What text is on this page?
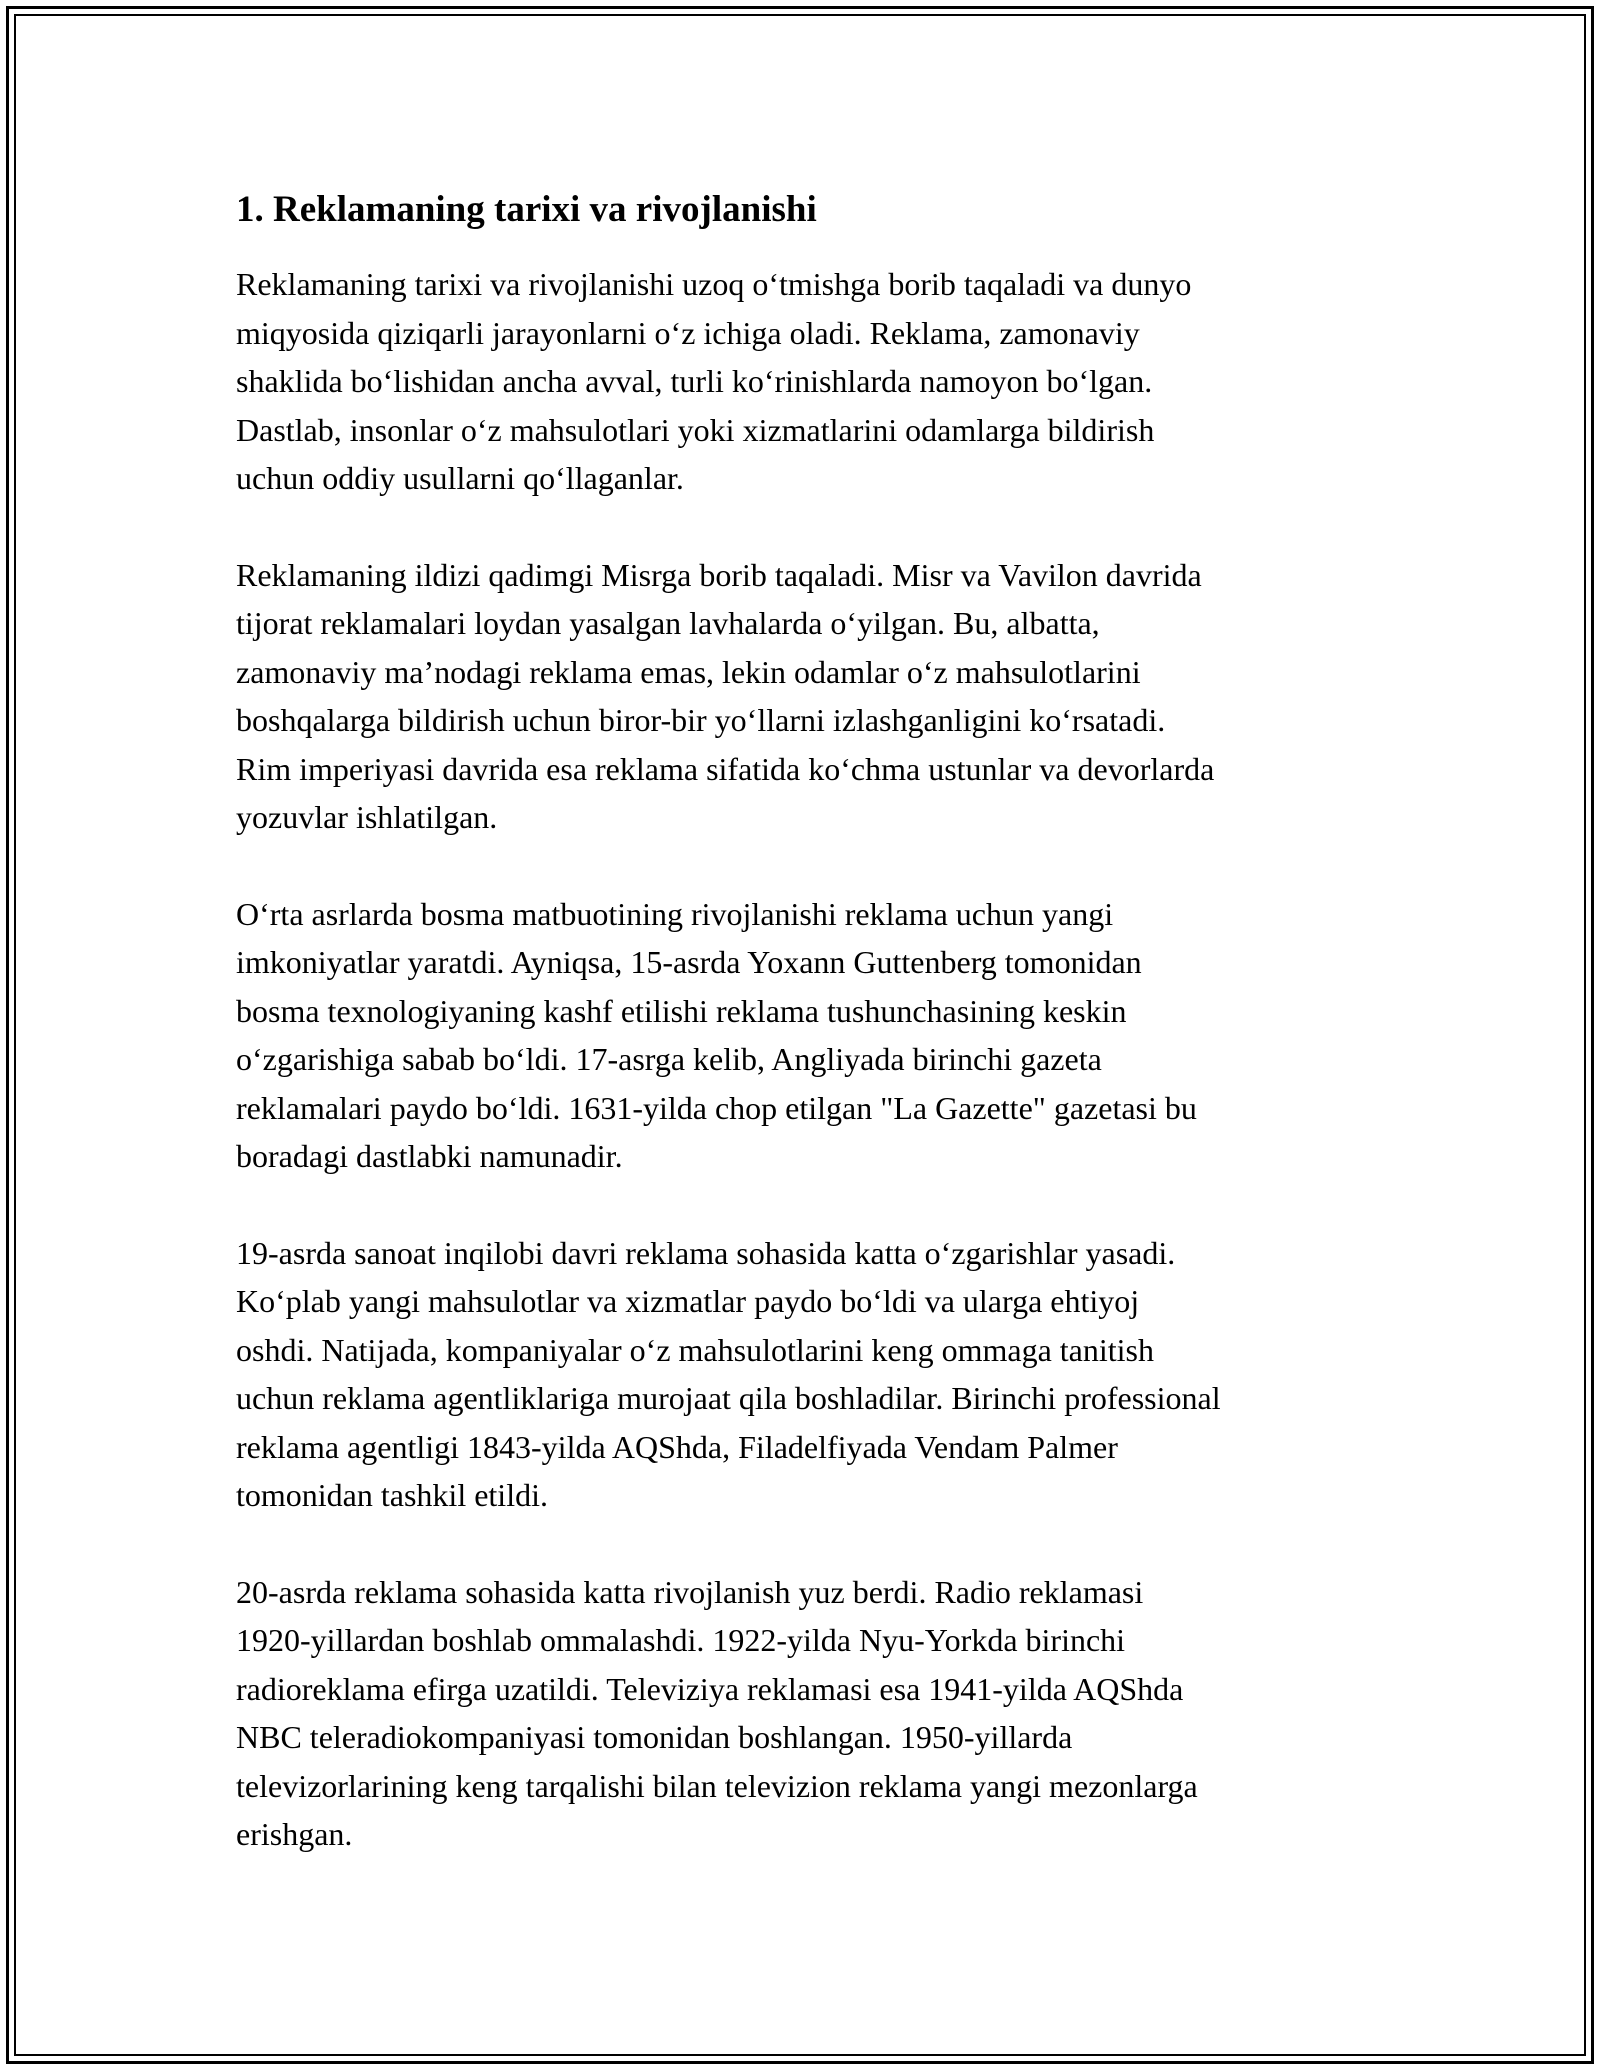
1. Reklamaning tarixi va rivojlanishi

Reklamaning tarixi va rivojlanishi uzoq oʻtmishga borib taqaladi va dunyo
miqyosida qiziqarli jarayonlarni oʻz ichiga oladi. Reklama, zamonaviy
shaklida boʻlishidan ancha avval, turli koʻrinishlarda namoyon boʻlgan.
Dastlab, insonlar oʻz mahsulotlari yoki xizmatlarini odamlarga bildirish
uchun oddiy usullarni qoʻllaganlar.

Reklamaning ildizi qadimgi Misrga borib taqaladi. Misr va Vavilon davrida
tijorat reklamalari loydan yasalgan lavhalarda oʻyilgan. Bu, albatta,
zamonaviy ma’nodagi reklama emas, lekin odamlar oʻz mahsulotlarini
boshqalarga bildirish uchun biror-bir yoʻllarni izlashganligini koʻrsatadi.
Rim imperiyasi davrida esa reklama sifatida koʻchma ustunlar va devorlarda
yozuvlar ishlatilgan.

Oʻrta asrlarda bosma matbuotining rivojlanishi reklama uchun yangi
imkoniyatlar yaratdi. Ayniqsa, 15-asrda Yoxann Guttenberg tomonidan
bosma texnologiyaning kashf etilishi reklama tushunchasining keskin
oʻzgarishiga sabab boʻldi. 17-asrga kelib, Angliyada birinchi gazeta
reklamalari paydo boʻldi. 1631-yilda chop etilgan "La Gazette" gazetasi bu
boradagi dastlabki namunadir.

19-asrda sanoat inqilobi davri reklama sohasida katta oʻzgarishlar yasadi.
Koʻplab yangi mahsulotlar va xizmatlar paydo boʻldi va ularga ehtiyoj
oshdi. Natijada, kompaniyalar oʻz mahsulotlarini keng ommaga tanitish
uchun reklama agentliklariga murojaat qila boshladilar. Birinchi professional
reklama agentligi 1843-yilda AQShda, Filadelfiyada Vendam Palmer
tomonidan tashkil etildi.

20-asrda reklama sohasida katta rivojlanish yuz berdi. Radio reklamasi
1920-yillardan boshlab ommalashdi. 1922-yilda Nyu-Yorkda birinchi
radioreklama efirga uzatildi. Televiziya reklamasi esa 1941-yilda AQShda
NBC teleradiokompaniyasi tomonidan boshlangan. 1950-yillarda
televizorlarining keng tarqalishi bilan televizion reklama yangi mezonlarga
erishgan.
